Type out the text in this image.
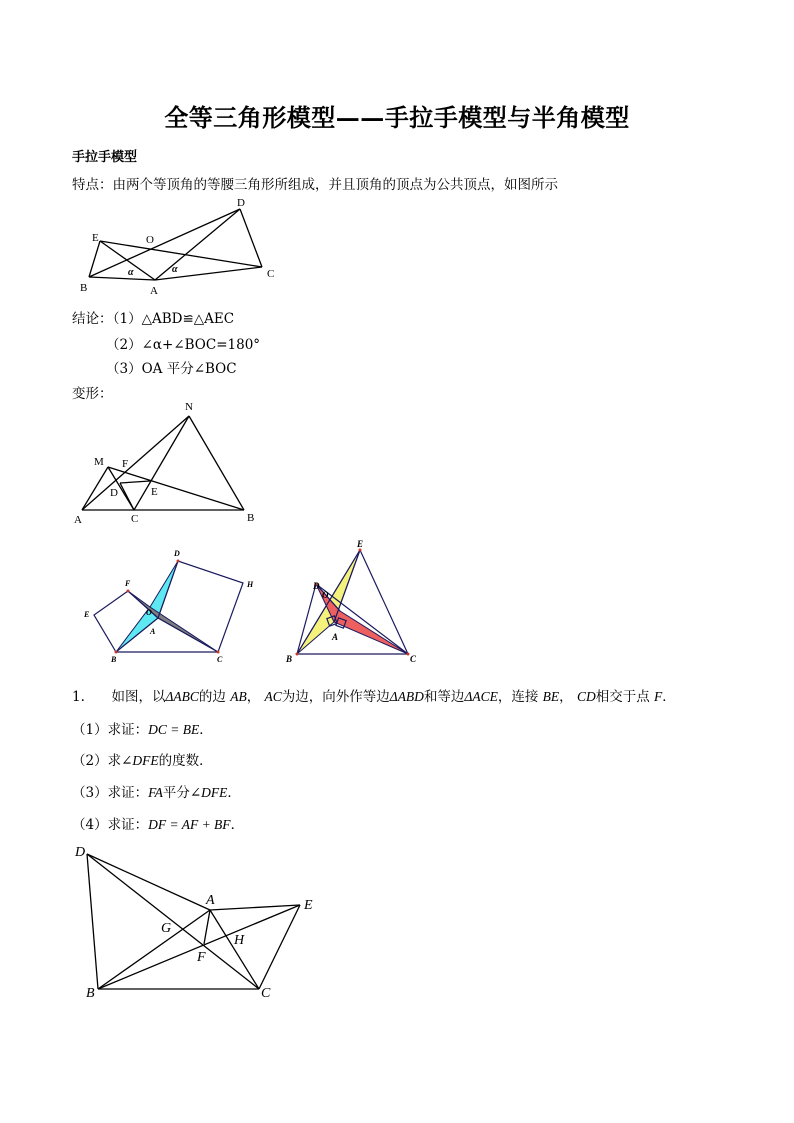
全等三角形模型——手拉手模型与半角模型
手拉手模型
特点：由两个等顶角的等腰三角形所组成，并且顶角的顶点为公共顶点，如图所示
D
E	O
B	A
C
α	α
结论：
（1）△ABD≌△AEC
（2）∠α+∠BOC=180°
（3）OA 平分∠BOC
变形：
N
M F
D	E
A	C	B
D
F	H
E	O
A
B	C
E
D
O
A
B	C
1. 如图，以ΔABC的边 AB， AC为边，向外作等边ΔABD和等边ΔACE，连接 BE， CD相交于点 F．
（1）求证：DC = BE．
（2）求∠DFE的度数．
（3）求证：FA平分∠DFE．
（4）求证：DF = AF + BF．
D
A	E
G
H
F
B	C
